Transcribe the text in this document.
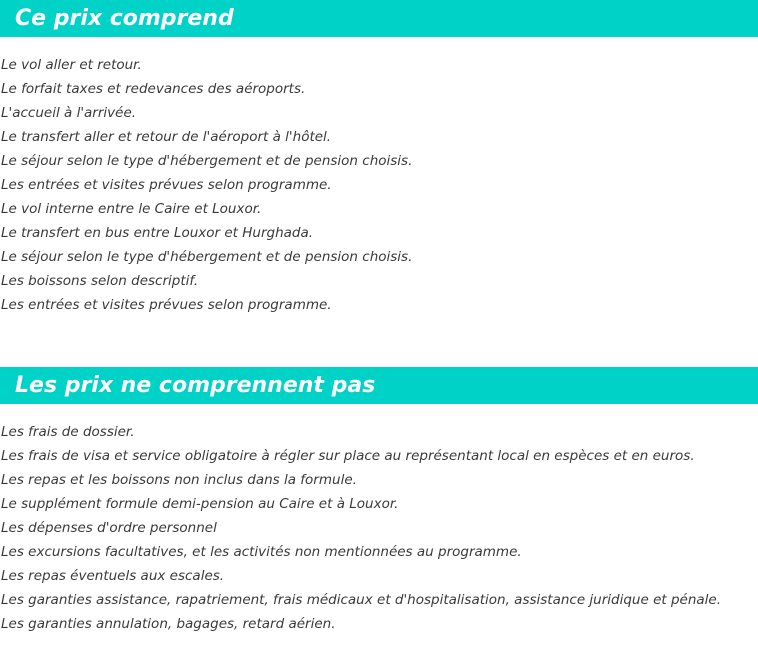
Ce prix comprend
Le vol aller et retour.
Le forfait taxes et redevances des aéroports.
L'accueil à l'arrivée.
Le transfert aller et retour de l'aéroport à l'hôtel.
Le séjour selon le type d'hébergement et de pension choisis.
Les entrées et visites prévues selon programme.
Le vol interne entre le Caire et Louxor.
Le transfert en bus entre Louxor et Hurghada.
Le séjour selon le type d'hébergement et de pension choisis.
Les boissons selon descriptif.
Les entrées et visites prévues selon programme.
Les prix ne comprennent pas
Les frais de dossier.
Les frais de visa et service obligatoire à régler sur place au représentant local en espèces et en euros.
Les repas et les boissons non inclus dans la formule.
Le supplément formule demi-pension au Caire et à Louxor.
Les dépenses d'ordre personnel
Les excursions facultatives, et les activités non mentionnées au programme.
Les repas éventuels aux escales.
Les garanties assistance, rapatriement, frais médicaux et d'hospitalisation, assistance juridique et pénale.
Les garanties annulation, bagages, retard aérien.
